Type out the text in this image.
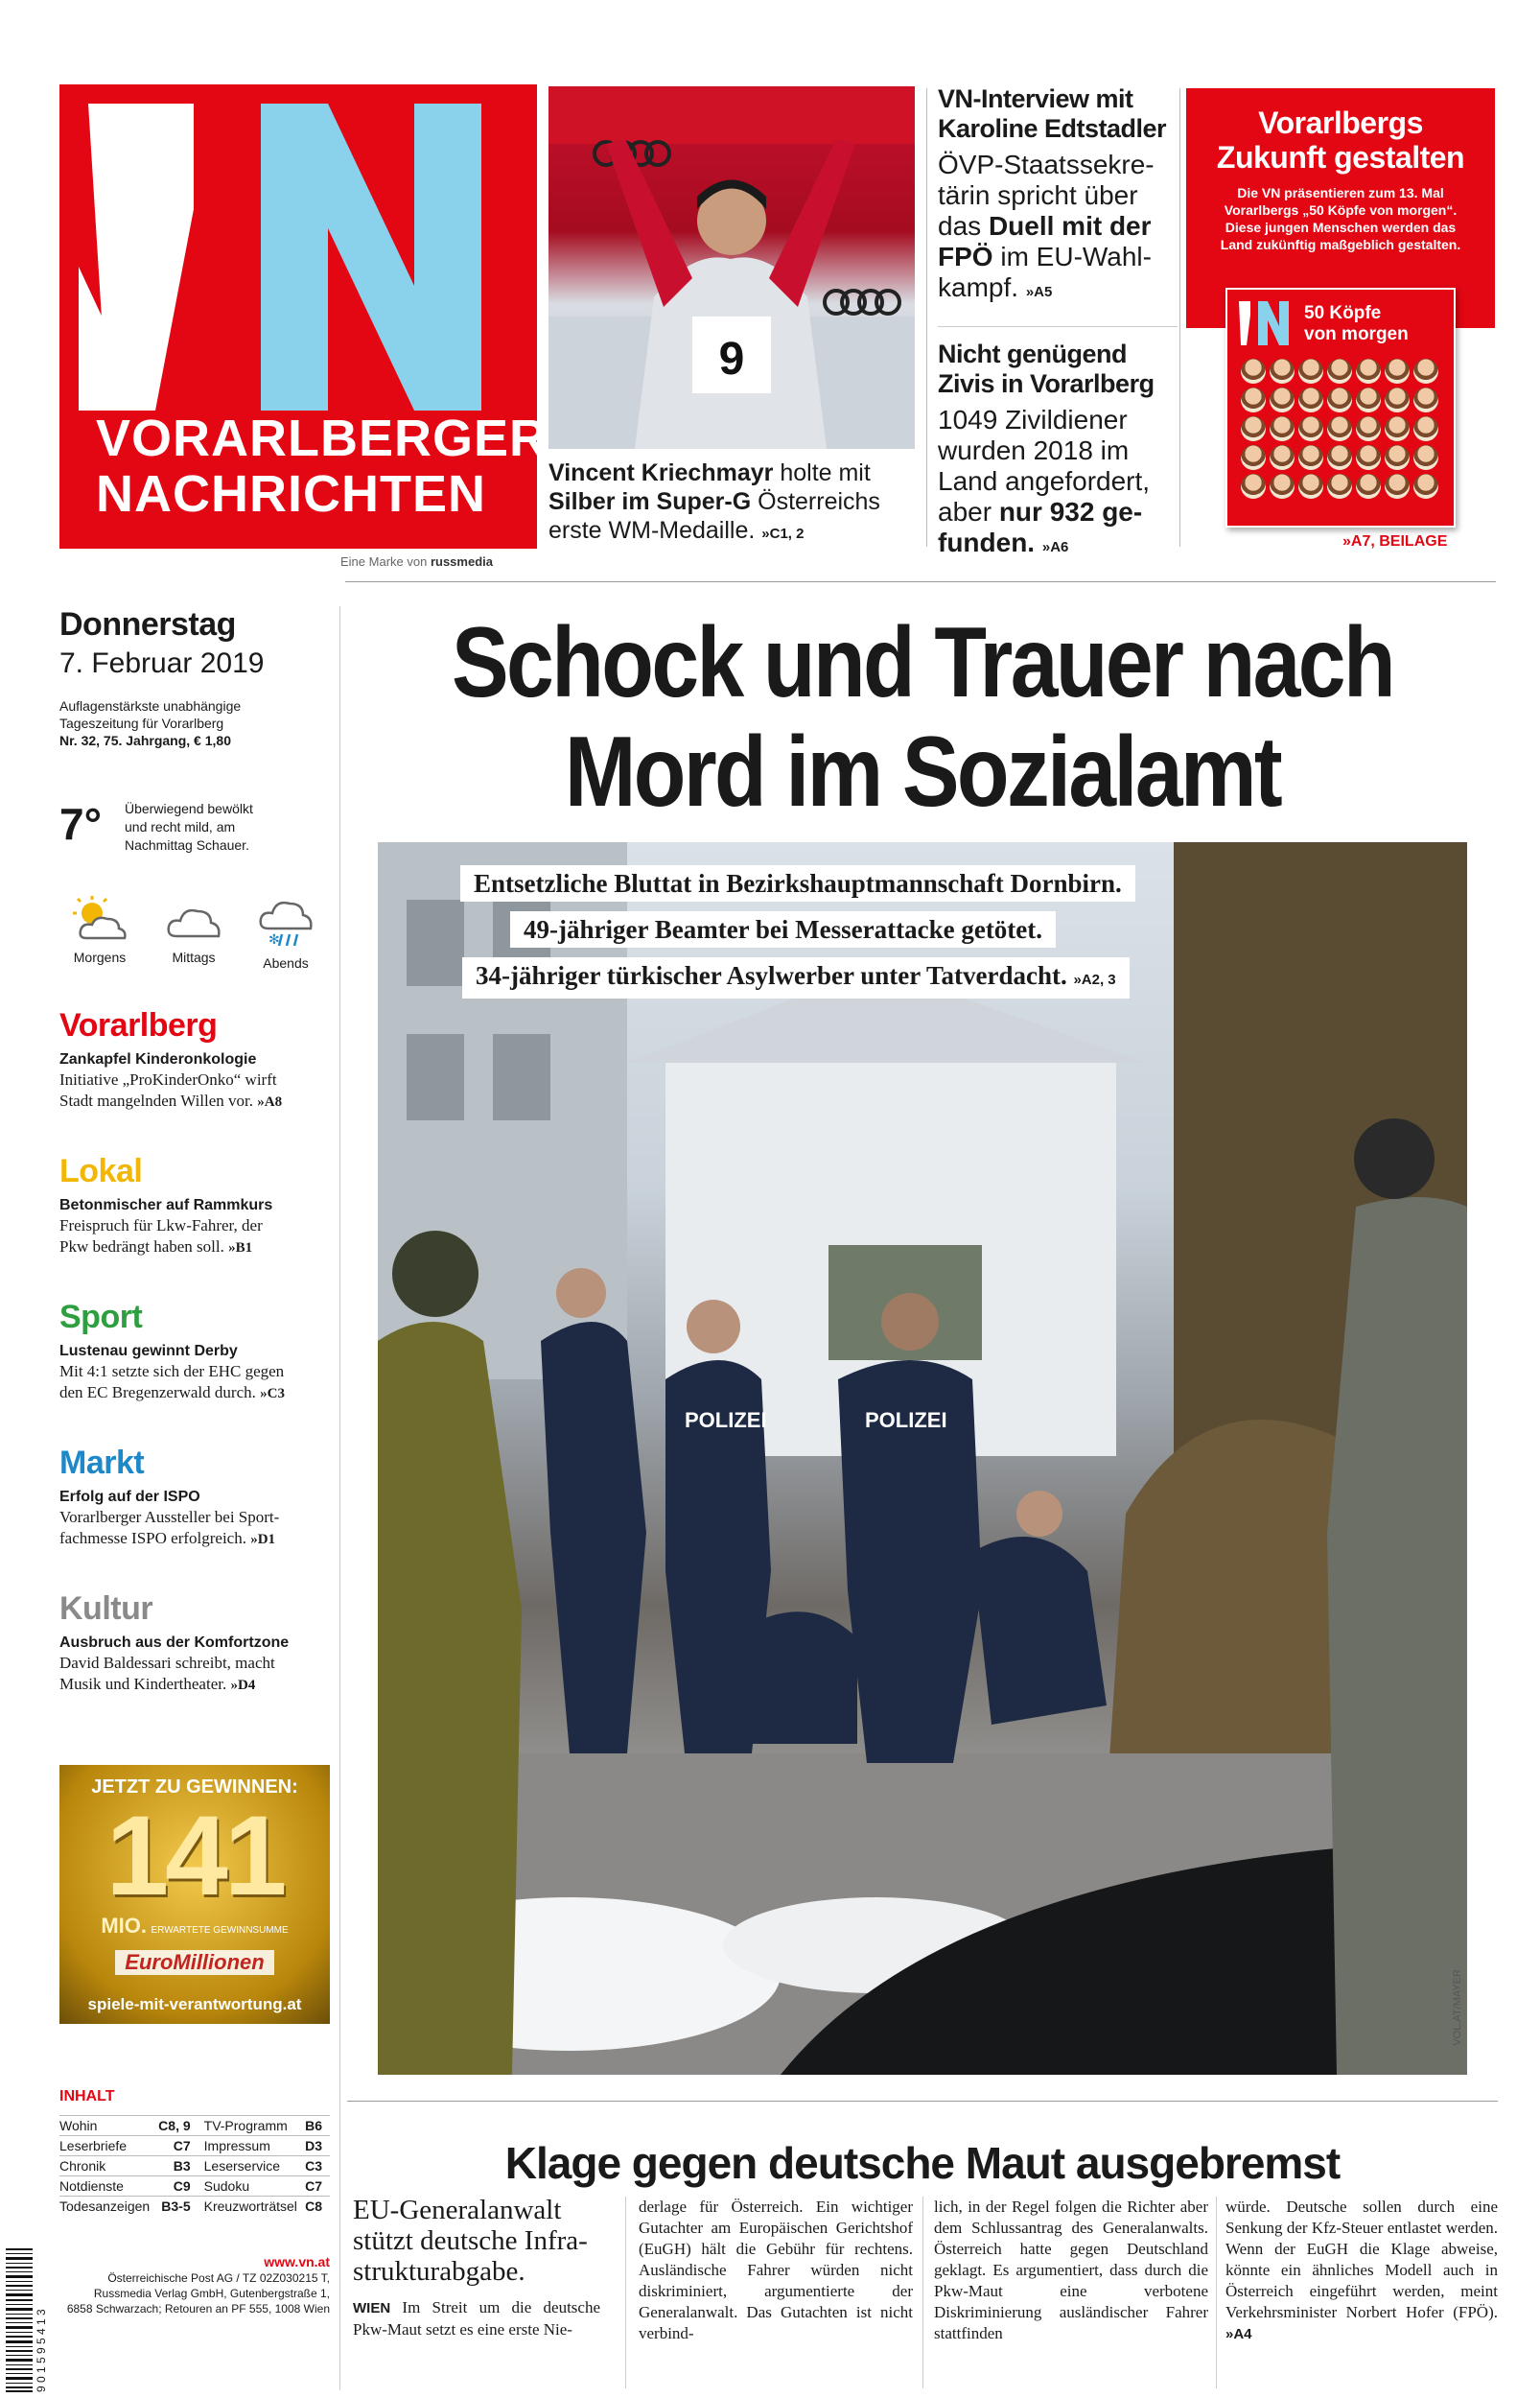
VORARLBERGER
NACHRICHTEN
Eine Marke von russmedia
9
Vincent Kriechmayr holte mit
Silber im Super-G Österreichs
erste WM-Medaille. »C1, 2
VN-Interview mit
Karoline Edtstadler

ÖVP-Staatssekre-
tärin spricht über
das Duell mit der
FPÖ im EU-Wahl-
kampf. »A5

Nicht genügend
Zivis in Vorarlberg

1049 Zivildiener
wurden 2018 im
Land angefordert,
aber nur 932 ge-
funden. »A6

Vorarlbergs
Zukunft gestalten

Die VN präsentieren zum 13. Mal
Vorarlbergs „50 Köpfe von morgen“.
Diese jungen Menschen werden das
Land zukünftig maßgeblich gestalten.

50 Köpfe
von morgen
»A7, BEILAGE
Donnerstag
7. Februar 2019
Auflagenstärkste unabhängige
Tageszeitung für Vorarlberg
Nr. 32, 75. Jahrgang, € 1,80
7°	Überwiegend bewölkt
und recht mild, am
Nachmittag Schauer.
Morgens	Mittags
✻
Abends
Vorarlberg
Zankapfel Kinderonkologie
Initiative „ProKinderOnko“ wirft
Stadt mangelnden Willen vor. »A8
Lokal
Betonmischer auf Rammkurs
Freispruch für Lkw-Fahrer, der
Pkw bedrängt haben soll. »B1
Sport
Lustenau gewinnt Derby
Mit 4:1 setzte sich der EHC gegen
den EC Bregenzerwald durch. »C3
Markt
Erfolg auf der ISPO
Vorarlberger Aussteller bei Sport-
fachmesse ISPO erfolgreich. »D1
Kultur
Ausbruch aus der Komfortzone
David Baldessari schreibt, macht
Musik und Kindertheater. »D4
JETZT ZU GEWINNEN:
141
MIO. ERWARTETE GEWINNSUMME
EuroMillionen
spiele-mit-verantwortung.at
INHALT
Wohin	C8, 9		TV-Programm	B6
Leserbriefe	C7		Impressum	D3
Chronik	B3		Leserservice	C3
Notdienste	C9		Sudoku	C7
Todesanzeigen	B3-5		Kreuzworträtsel	C8
www.vn.at
Österreichische Post AG / TZ 02Z030215 T,
Russmedia Verlag GmbH, Gutenbergstraße 1,
6858 Schwarzach; Retouren an PF 555, 1008 Wien
9 0 1 5 9 5 4 1 3
Schock und Trauer nach
Mord im Sozialamt
POLIZEI	POLIZEI
Entsetzliche Bluttat in Bezirkshauptmannschaft Dornbirn.
49-jähriger Beamter bei Messerattacke getötet.
34-jähriger türkischer Asylwerber unter Tatverdacht. »A2, 3
VOL.AT/MAYER
Klage gegen deutsche Maut ausgebremst
EU-Generalanwalt stützt deutsche Infra-strukturabgabe.
WIEN Im Streit um die deutsche Pkw-Maut setzt es eine erste Nie-
derlage für Österreich. Ein wichtiger Gutachter am Europäischen Gerichtshof (EuGH) hält die Gebühr für rechtens. Ausländische Fahrer würden nicht diskriminiert, argumentierte der Generalanwalt. Das Gutachten ist nicht verbind-
lich, in der Regel folgen die Richter aber dem Schlussantrag des Generalanwalts. Österreich hatte gegen Deutschland geklagt. Es argumentiert, dass durch die Pkw-Maut eine verbotene Diskriminierung ausländischer Fahrer stattfinden
würde. Deutsche sollen durch eine Senkung der Kfz-Steuer entlastet werden. Wenn der EuGH die Klage abweise, könnte ein ähnliches Modell auch in Österreich eingeführt werden, meint Verkehrsminister Norbert Hofer (FPÖ). »A4
